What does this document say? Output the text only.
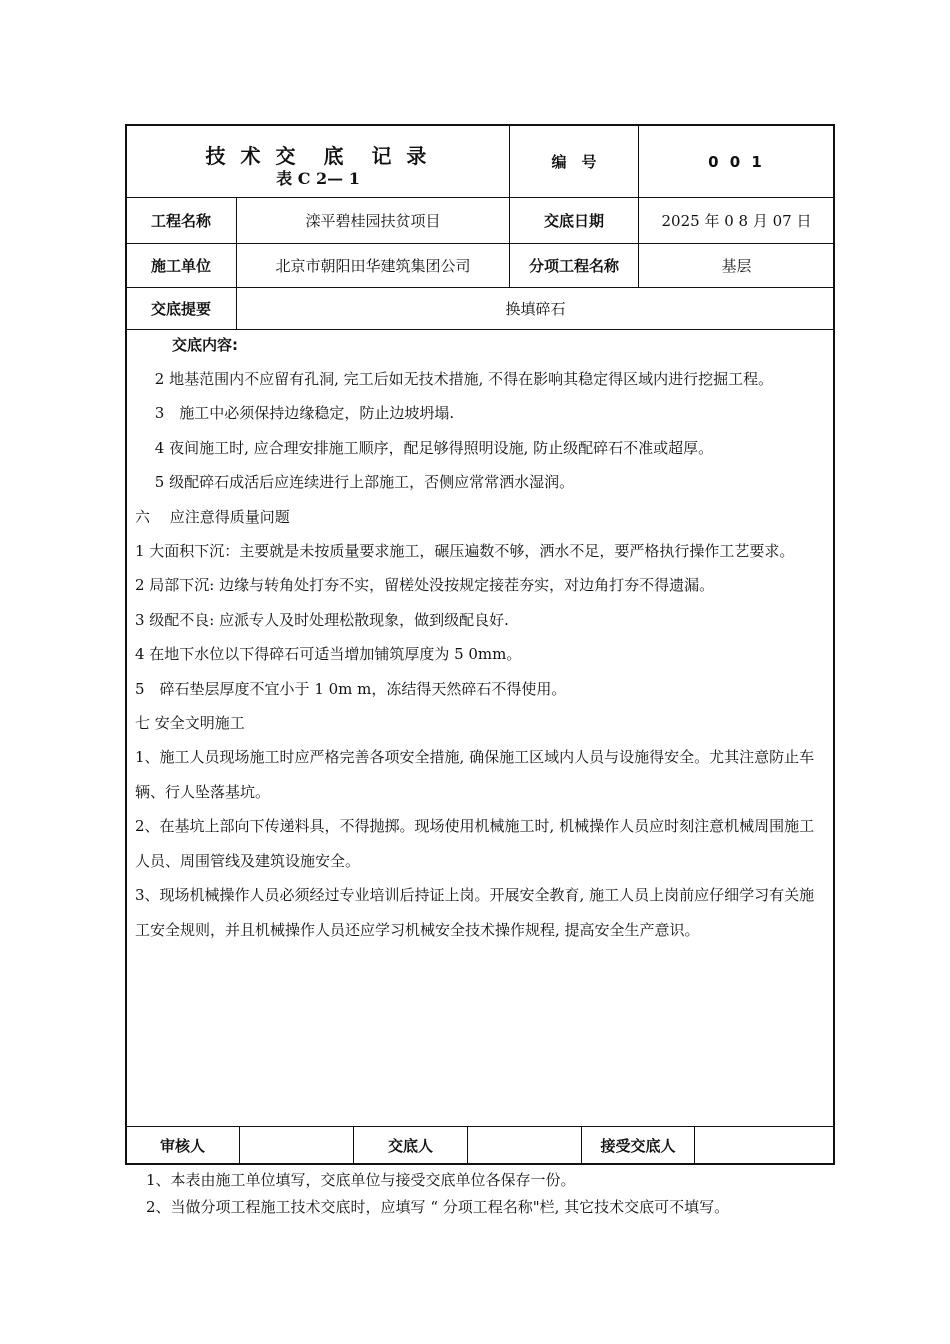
技 术 交　底　记 录
表 C 2— 1
编　号	0 0 1
工程名称	滦平碧桂园扶贫项目	交底日期	2025 年 0 8 月 07 日
施工单位	北京市朝阳田华建筑集团公司	分项工程名称	基层
交底提要	换填碎石
交底内容:

　 2 地基范围内不应留有孔洞, 完工后如无技术措施, 不得在影响其稳定得区域内进行挖掘工程。

　 3　施工中必须保持边缘稳定，防止边坡坍塌.

　 4 夜间施工时, 应合理安排施工顺序，配足够得照明设施, 防止级配碎石不准或超厚。

　 5 级配碎石成活后应连续进行上部施工，否侧应常常洒水湿润。

六　 应注意得质量问题

1 大面积下沉：主要就是未按质量要求施工，碾压遍数不够，洒水不足，要严格执行操作工艺要求。

2 局部下沉: 边缘与转角处打夯不实，留槎处没按规定接茬夯实，对边角打夯不得遗漏。

3 级配不良: 应派专人及时处理松散现象，做到级配良好.

4 在地下水位以下得碎石可适当增加铺筑厚度为 5 0mm。

5　碎石垫层厚度不宜小于 1 0m m，冻结得天然碎石不得使用。

七 安全文明施工

1、施工人员现场施工时应严格完善各项安全措施, 确保施工区域内人员与设施得安全。尤其注意防止车辆、行人坠落基坑。

2、在基坑上部向下传递料具，不得抛掷。现场使用机械施工时, 机械操作人员应时刻注意机械周围施工人员、周围管线及建筑设施安全。

3、现场机械操作人员必须经过专业培训后持证上岗。开展安全教育, 施工人员上岗前应仔细学习有关施工安全规则，并且机械操作人员还应学习机械安全技术操作规程, 提高安全生产意识。

审核人	交底人	接受交底人

1、本表由施工单位填写，交底单位与接受交底单位各保存一份。

2、当做分项工程施工技术交底时，应填写 “ 分项工程名称"栏, 其它技术交底可不填写。
